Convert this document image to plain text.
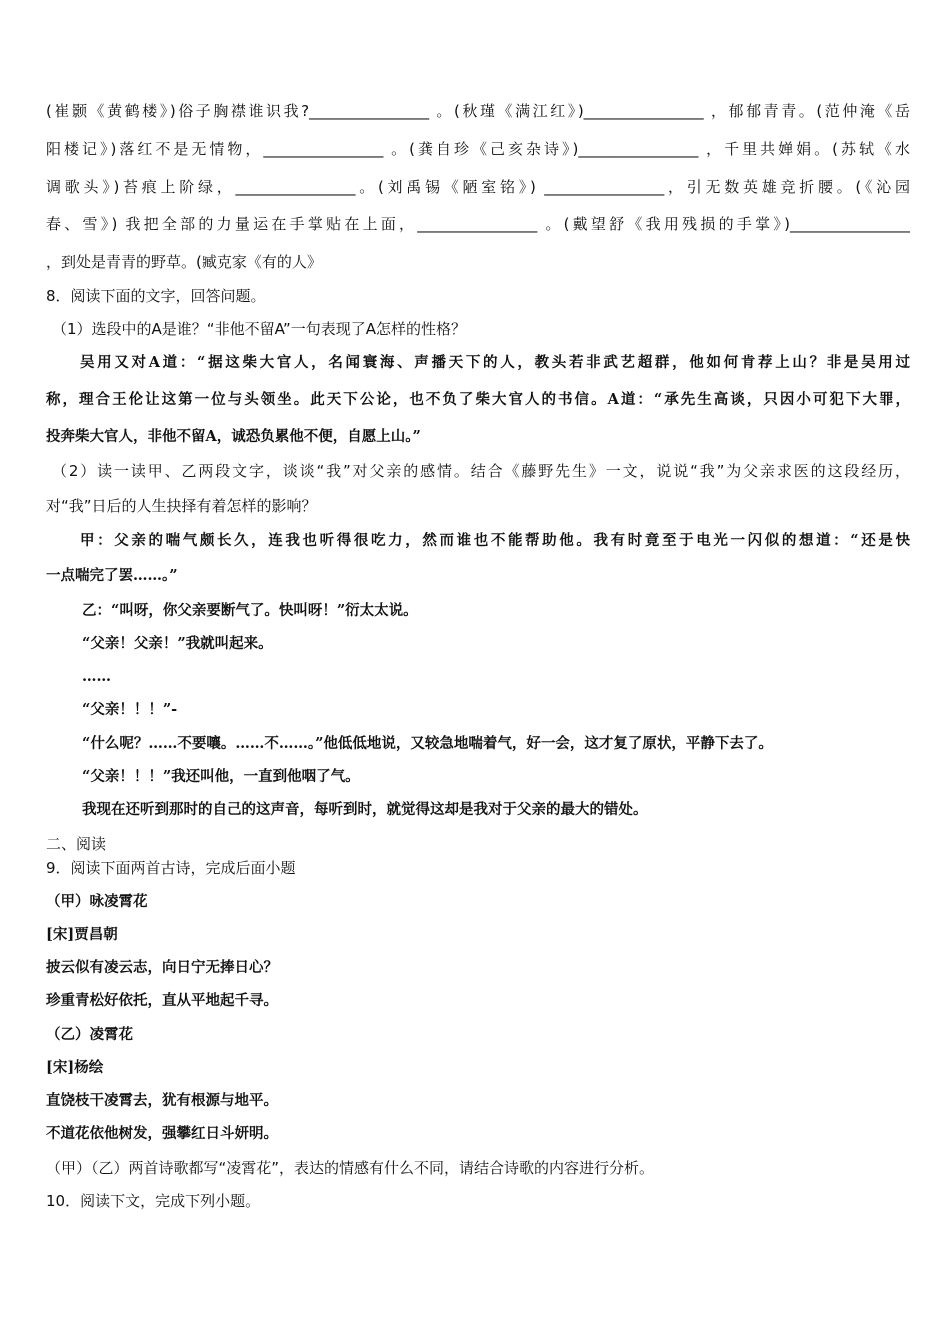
(崔颢《黄鹤楼》)俗子胸襟谁识我?________________ 。(秋瑾《满江红》)________________ ，郁郁青青。(范仲淹《岳
阳楼记》)落红不是无情物，________________ 。(龚自珍《己亥杂诗》)________________ ，千里共婵娟。(苏轼《水
调歌头》)苔痕上阶绿，________________。(刘禹锡《陋室铭》) ________________，引无数英雄竞折腰。(《沁园
春、雪》) 我把全部的力量运在手掌贴在上面，________________ 。(戴望舒《我用残损的手掌》)________________
，到处是青青的野草。(臧克家《有的人》
8．阅读下面的文字，回答问题。
（1）选段中的A是谁？“非他不留A”一句表现了A怎样的性格？
吴用又对A道：“据这柴大官人，名闻寰海、声播天下的人，教头若非武艺超群，他如何肯荐上山？非是吴用过
称，理合王伦让这第一位与头领坐。此天下公论，也不负了柴大官人的书信。A道：“承先生高谈，只因小可犯下大罪，
投奔柴大官人，非他不留A，诚恐负累他不便，自愿上山。”
（2）读一读甲、乙两段文字，谈谈“我”对父亲的感情。结合《藤野先生》一文，说说“我”为父亲求医的这段经历，
对“我”日后的人生抉择有着怎样的影响？
甲：父亲的喘气颇长久，连我也听得很吃力，然而谁也不能帮助他。我有时竟至于电光一闪似的想道：“还是快
一点喘完了罢……。”
乙：“叫呀，你父亲要断气了。快叫呀！”衍太太说。
“父亲！父亲！”我就叫起来。
……
“父亲！！！”-
“什么呢？……不要嚷。……不……。”他低低地说，又较急地喘着气，好一会，这才复了原状，平静下去了。
“父亲！！！”我还叫他，一直到他咽了气。
我现在还听到那时的自己的这声音，每听到时，就觉得这却是我对于父亲的最大的错处。
二、阅读
9．阅读下面两首古诗，完成后面小题
（甲）咏凌霄花
[宋]贾昌朝
披云似有凌云志，向日宁无捧日心？
珍重青松好依托，直从平地起千寻。
（乙）凌霄花
[宋]杨绘
直饶枝干凌霄去，犹有根源与地平。
不道花依他树发，强攀红日斗妍明。
（甲）（乙）两首诗歌都写“凌霄花”，表达的情感有什么不同，请结合诗歌的内容进行分析。
10．阅读下文，完成下列小题。
